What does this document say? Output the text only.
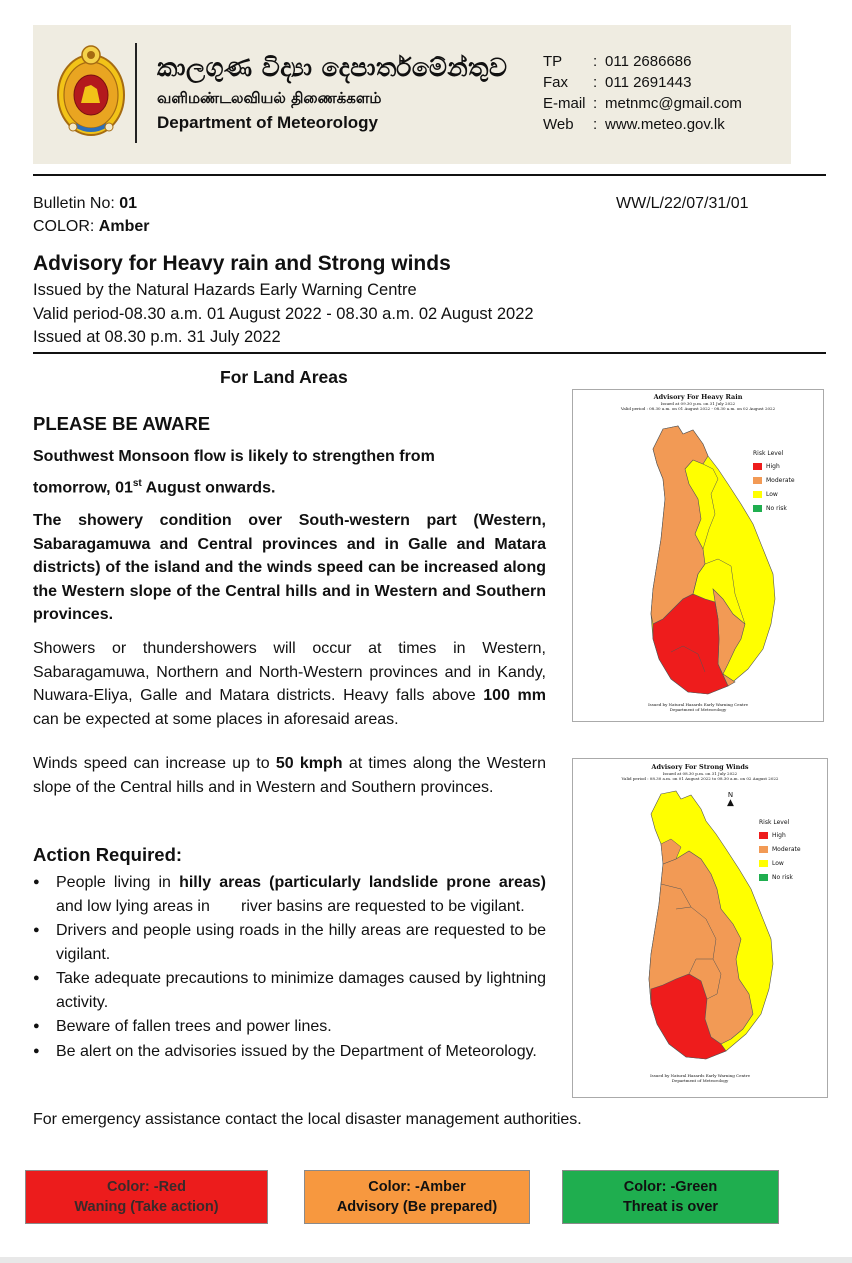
කාලගුණ විද්‍යා දෙපාර්තමේන්තුව
வளிமண்டலவியல் திணைக்களம்
Department of Meteorology
TP	: 011 2686686
Fax	: 011 2691443
E-mail : metnmc@gmail.com
Web	: www.meteo.gov.lk
Bulletin No: 01
COLOR: Amber
WW/L/22/07/31/01
Advisory for Heavy rain and Strong winds
Issued by the Natural Hazards Early Warning Centre
Valid period-08.30 a.m. 01 August 2022 - 08.30 a.m. 02 August 2022
Issued at 08.30 p.m. 31 July 2022
For Land Areas
PLEASE BE AWARE
Southwest Monsoon flow is likely to strengthen from
tomorrow, 01st August onwards.
The showery condition over South-western part (Western, Sabaragamuwa and Central provinces and in Galle and Matara districts) of the island and the winds speed can be increased along the Western slope of the Central hills and in Western and Southern provinces.
Showers or thundershowers will occur at times in Western, Sabaragamuwa, Northern and North-Western provinces and in Kandy, Nuwara-Eliya, Galle and Matara districts. Heavy falls above 100 mm can be expected at some places in aforesaid areas.
Winds speed can increase up to 50 kmph at times along the Western slope of the Central hills and in Western and Southern provinces.
Action Required:
● People living in hilly areas (particularly landslide prone areas) and low lying areas in       river basins are requested to be vigilant.
● Drivers and people using roads in the hilly areas are requested to be vigilant.
● Take adequate precautions to minimize damages caused by lightning activity.
● Beware of fallen trees and power lines.
● Be alert on the advisories issued by the Department of Meteorology.
For emergency assistance contact the local disaster management authorities.
Advisory For Heavy Rain
Issued at 09.30 p.m. on 31 July 2022
Valid period : 08.30 a.m. on 01 August 2022 - 08.30 a.m. on 02 August 2022
Risk Level
High
Moderate
Low
No risk
Issued by Natural Hazards Early Warning Centre
Department of Meteorology
Advisory For Strong Winds
Issued at 08.30 p.m. on 31 July 2022
Valid period : 08.30 a.m. on 01 August 2022 to 08.30 a.m. on 02 August 2022
N
▲
Risk Level
High
Moderate
Low
No risk
Issued by Natural Hazards Early Warning Centre
Department of Meteorology
Color: -Red
Waning (Take action)
Color: -Amber
Advisory (Be prepared)
Color: -Green
Threat is over
